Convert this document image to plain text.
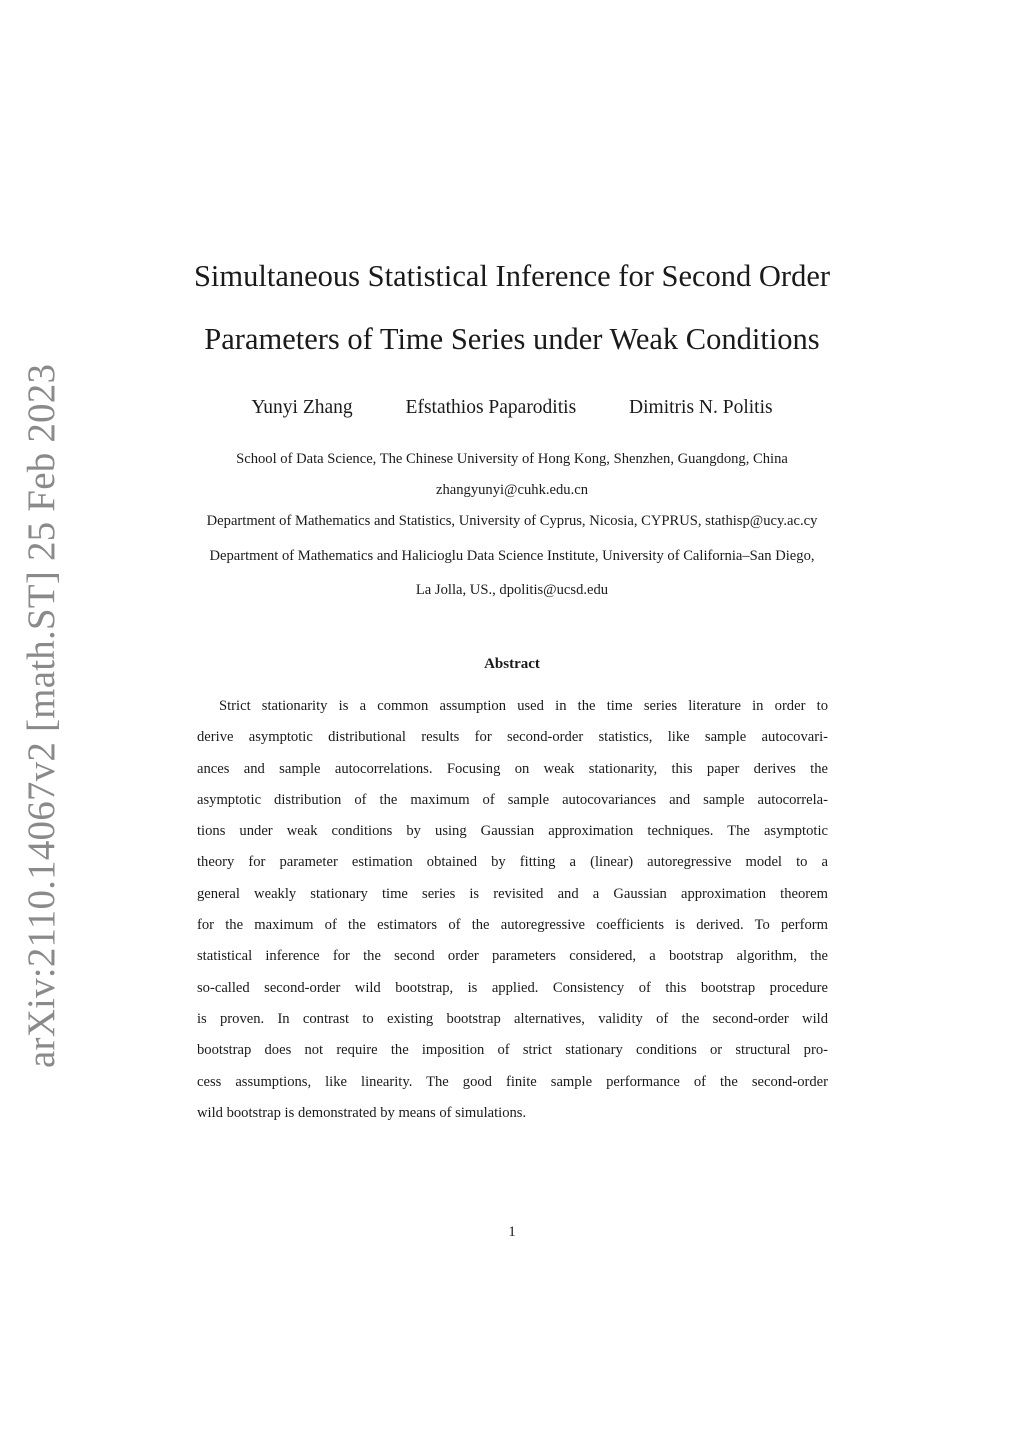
arXiv:2110.14067v2 [math.ST] 25 Feb 2023
Simultaneous Statistical Inference for Second Order
Parameters of Time Series under Weak Conditions
Yunyi Zhang	Efstathios Paparoditis	Dimitris N. Politis
School of Data Science, The Chinese University of Hong Kong, Shenzhen, Guangdong, China
zhangyunyi@cuhk.edu.cn
Department of Mathematics and Statistics, University of Cyprus, Nicosia, CYPRUS, stathisp@ucy.ac.cy
Department of Mathematics and Halicioglu Data Science Institute, University of California–San Diego,
La Jolla, US., dpolitis@ucsd.edu
Abstract
Strict stationarity is a common assumption used in the time series literature in order to
derive asymptotic distributional results for second-order statistics, like sample autocovari-
ances and sample autocorrelations. Focusing on weak stationarity, this paper derives the
asymptotic distribution of the maximum of sample autocovariances and sample autocorrela-
tions under weak conditions by using Gaussian approximation techniques. The asymptotic
theory for parameter estimation obtained by fitting a (linear) autoregressive model to a
general weakly stationary time series is revisited and a Gaussian approximation theorem
for the maximum of the estimators of the autoregressive coefficients is derived. To perform
statistical inference for the second order parameters considered, a bootstrap algorithm, the
so-called second-order wild bootstrap, is applied. Consistency of this bootstrap procedure
is proven. In contrast to existing bootstrap alternatives, validity of the second-order wild
bootstrap does not require the imposition of strict stationary conditions or structural pro-
cess assumptions, like linearity. The good finite sample performance of the second-order
wild bootstrap is demonstrated by means of simulations.
1
